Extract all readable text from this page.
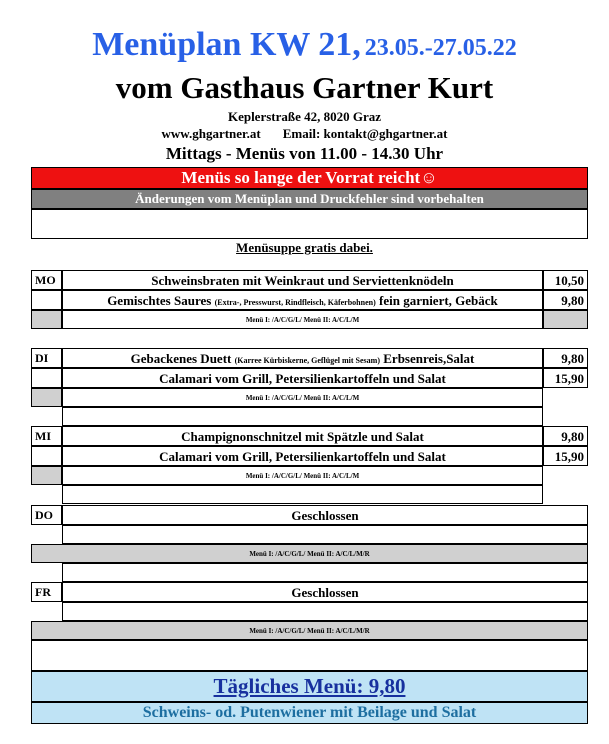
Menüplan KW 21, 23.05.-27.05.22
vom Gasthaus Gartner Kurt
Keplerstraße 42, 8020 Graz
www.ghgartner.at Email: kontakt@ghgartner.at
Mittags - Menüs von 11.00 - 14.30 Uhr
Menüs so lange der Vorrat reicht☺
Änderungen vom Menüplan und Druckfehler sind vorbehalten
Menüsuppe gratis dabei.
MO	Schweinsbraten mit Weinkraut und Serviettenknödeln	10,50
Gemischtes Saures (Extra-, Presswurst, Rindfleisch, Käferbohnen) fein garniert, Gebäck	9,80
Menü I: /A/C/G/L/ Menü II: A/C/L/M
DI	Gebackenes Duett (Karree Kürbiskerne, Geflügel mit Sesam) Erbsenreis,Salat	9,80
Calamari vom Grill, Petersilienkartoffeln und Salat	15,90
Menü I: /A/C/G/L/ Menü II: A/C/L/M
MI	Champignonschnitzel mit Spätzle und Salat	9,80
Calamari vom Grill, Petersilienkartoffeln und Salat	15,90
Menü I: /A/C/G/L/ Menü II: A/C/L/M
DO	Geschlossen
Menü I: /A/C/G/L/ Menü II: A/C/L/M/R
FR	Geschlossen
Menü I: /A/C/G/L/ Menü II: A/C/L/M/R
Tägliches Menü: 9,80
Schweins- od. Putenwiener mit Beilage und Salat
